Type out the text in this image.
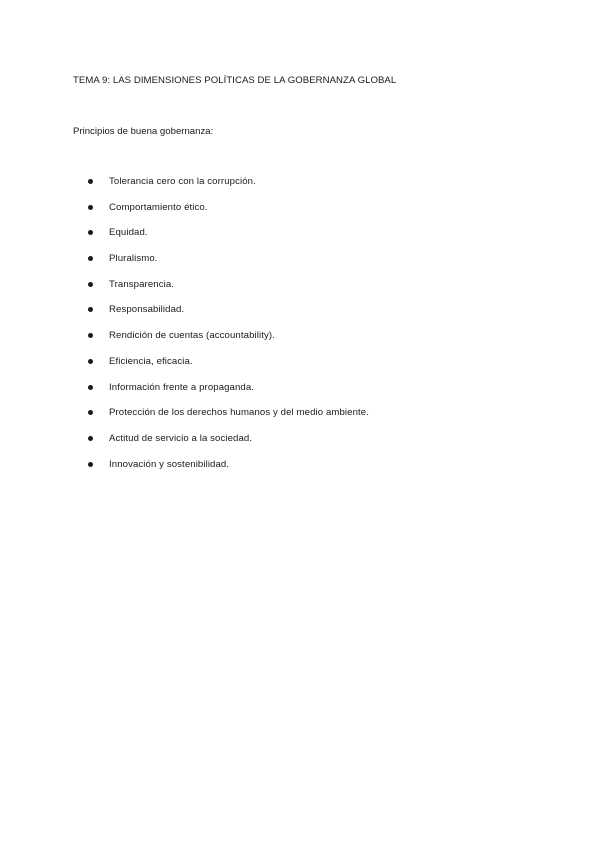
TEMA 9: LAS DIMENSIONES POLÍTICAS DE LA GOBERNANZA GLOBAL

Principios de buena gobernanza:

Tolerancia cero con la corrupción.
Comportamiento ético.
Equidad.
Pluralismo.
Transparencia.
Responsabilidad.
Rendición de cuentas (accountability).
Eficiencia, eficacia.
Información frente a propaganda.
Protección de los derechos humanos y del medio ambiente.
Actitud de servicio a la sociedad.
Innovación y sostenibilidad.
